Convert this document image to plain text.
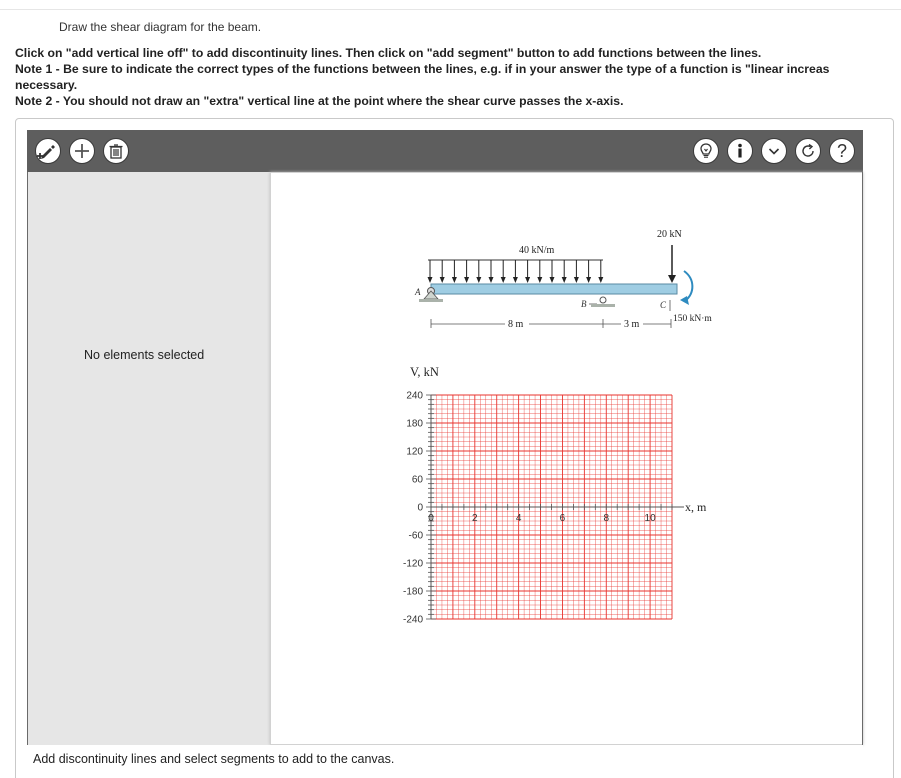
Draw the shear diagram for the beam.
Click on "add vertical line off" to add discontinuity lines. Then click on "add segment" button to add functions between the lines.
Note 1 - Be sure to indicate the correct types of the functions between the lines, e.g. if in your answer the type of a function is "linear increas
necessary.
Note 2 - You should not draw an "extra" vertical line at the point where the shear curve passes the x-axis.
?
No elements selected
40 kN/m
20 kN
150 kN·m
A
B	C
8 m	3 m
V, kN
x, m
0	2	4	6	8	10
240
180
120
60
0
-60
-120
-180
-240
Add discontinuity lines and select segments to add to the canvas.
